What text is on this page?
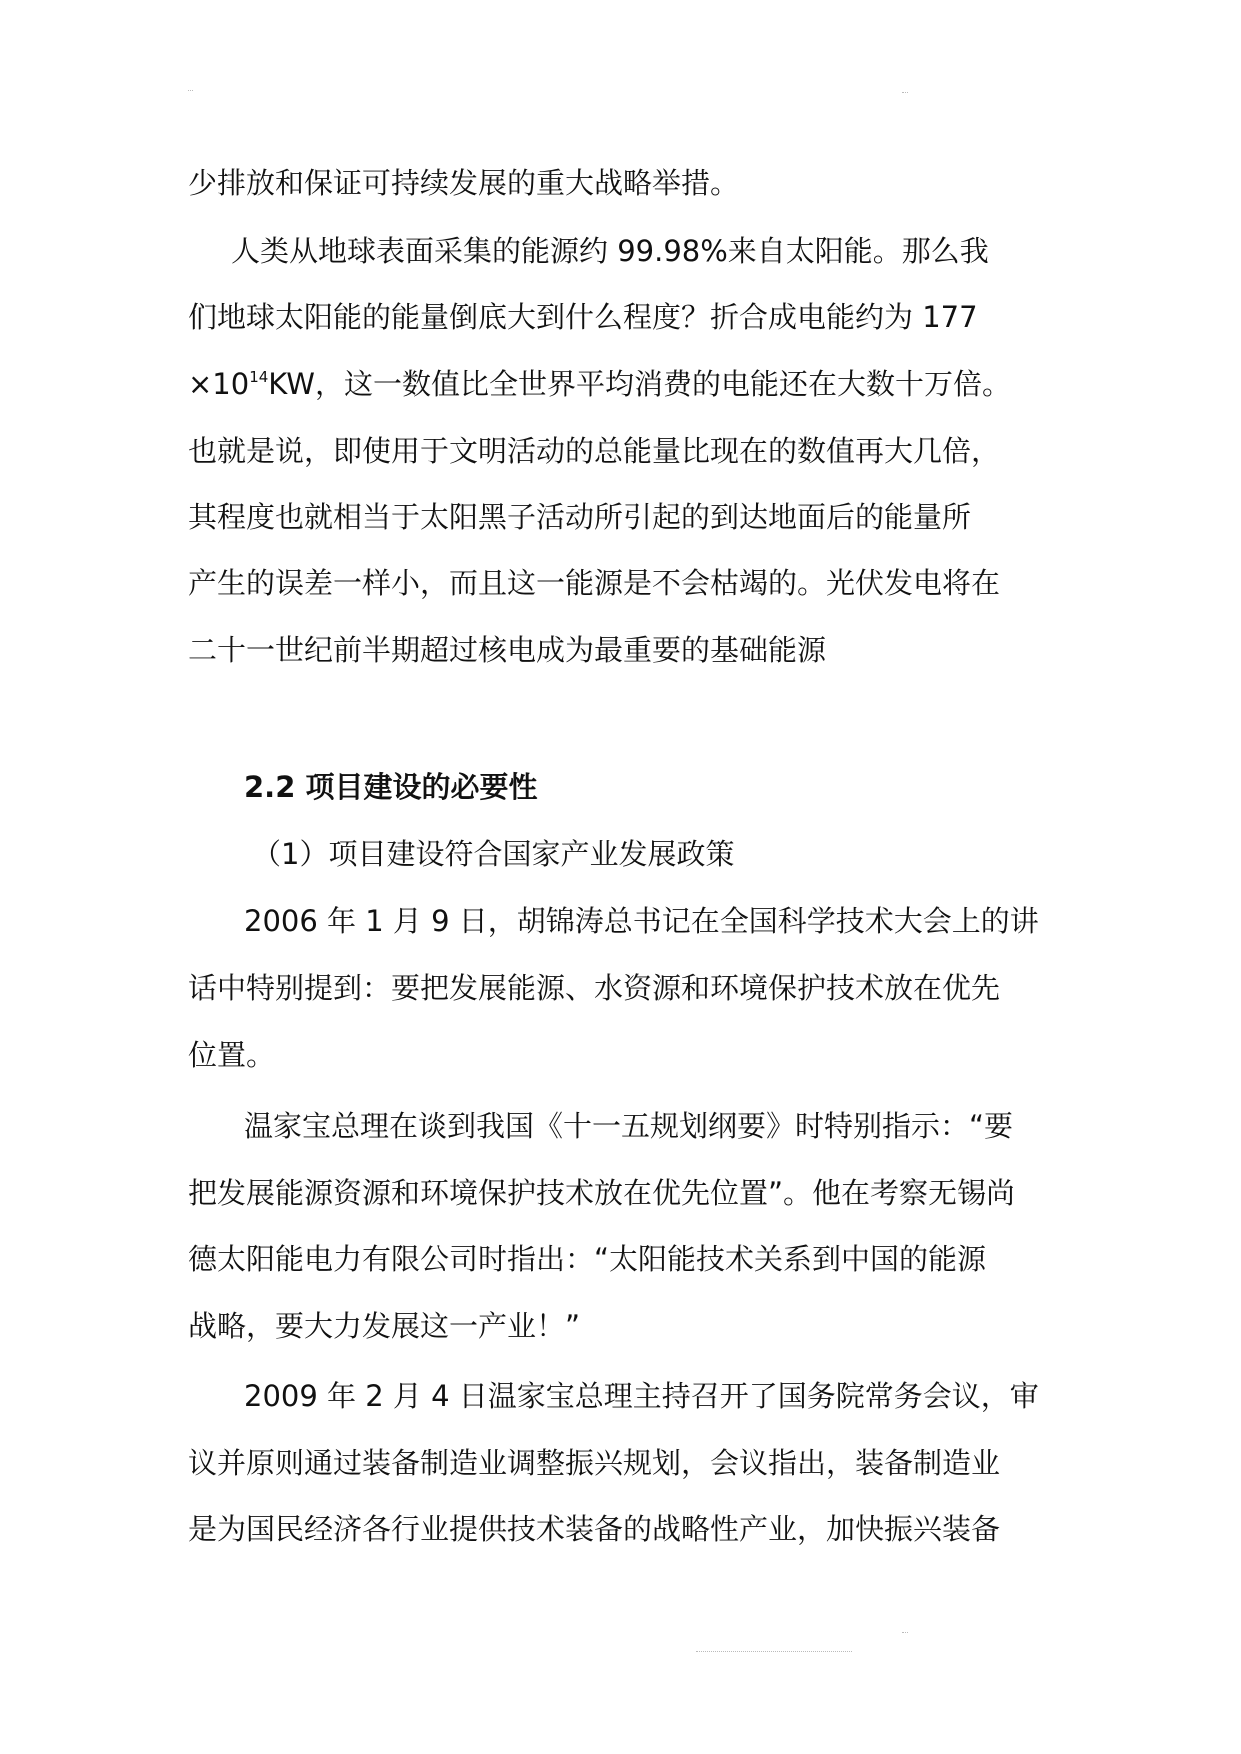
少排放和保证可持续发展的重大战略举措。
人类从地球表面采集的能源约 99.98%来自太阳能。那么我
们地球太阳能的能量倒底大到什么程度？折合成电能约为 177
$\times 10^{14}KW$，这一数值比全世界平均消费的电能还在大数十万倍。
也就是说，即使用于文明活动的总能量比现在的数值再大几倍，
其程度也就相当于太阳黑子活动所引起的到达地面后的能量所
产生的误差一样小，而且这一能源是不会枯竭的。光伏发电将在
二十一世纪前半期超过核电成为最重要的基础能源
2.2 项目建设的必要性
（1）项目建设符合国家产业发展政策
2006 年 1 月 9 日，胡锦涛总书记在全国科学技术大会上的讲
话中特别提到：要把发展能源、水资源和环境保护技术放在优先
位置。
温家宝总理在谈到我国《十一五规划纲要》时特别指示：“要
把发展能源资源和环境保护技术放在优先位置”。他在考察无锡尚
德太阳能电力有限公司时指出：“太阳能技术关系到中国的能源
战略，要大力发展这一产业！”
2009 年 2 月 4 日温家宝总理主持召开了国务院常务会议，审
议并原则通过装备制造业调整振兴规划，会议指出，装备制造业
是为国民经济各行业提供技术装备的战略性产业，加快振兴装备
